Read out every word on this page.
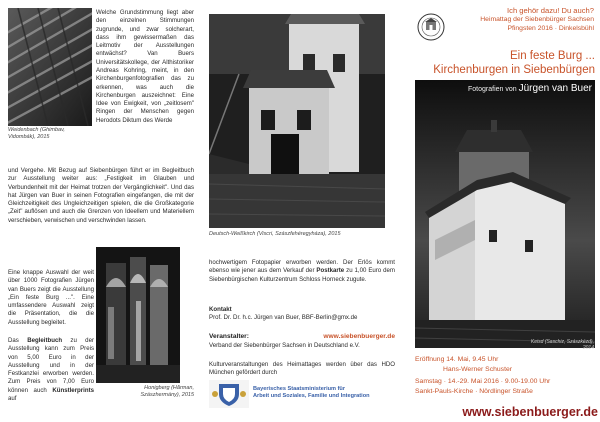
Weidenbach (Ghimbav, Vidombák), 2015
Welche Grundstimmung liegt aber den einzelnen Stimmungen zugrunde, und zwar solcherart, dass ihm gewissermaßen das Leitmotiv der Ausstellungen entwächst? Van Buers Universitätskollege, der Althistoriker Andreas Kohring, meint, in den Kirchenburgenfotografien das zu erkennen, was auch die Kirchenburgen auszeichnet: Eine Idee von Ewigkeit, von „zeitlosem" Ringen der Menschen gegen Herodots Diktum des Werde
und Vergehe. Mit Bezug auf Siebenbürgen führt er im Begleitbuch zur Ausstellung weiter aus: „Festigkeit im Glauben und Verbundenheit mit der Heimat trotzen der Vergänglichkeit". Und das hat Jürgen van Buer in seinen Fotografien eingefangen, die mit der Gleichzeitigkeit des Ungleichzeitigen spielen, die die Großkategorie „Zeit" auflösen und auch die Grenzen von Ideellem und Materiellem verschieben, verwischen und verschwinden lassen.
Eine knappe Auswahl der weit über 1000 Fotografien Jürgen van Buers zeigt die Ausstellung „Ein feste Burg ...". Eine umfassendere Auswahl zeigt die Präsentation, die die Ausstellung begleitet.
Das Begleitbuch zu der Ausstellung kann zum Preis von 5,00 Euro in der Ausstellung und in der Festkanzlei erworben werden. Zum Preis von 7,00 Euro können auch Künstlerprints auf
Honigberg (Hărman, Szászhermány), 2015
Deutsch-Weißkirch (Viscri, Szászfehéregyháza), 2015
hochwertigem Fotopapier erworben werden. Der Erlös kommt ebenso wie jener aus dem Verkauf der Postkarte zu 1,00 Euro dem Siebenbürgischen Kulturzentrum Schloss Horneck zugute.
Kontakt
Prof. Dr. Dr. h.c. Jürgen van Buer, BBF-Berlin@gmx.de
Veranstalter:	www.siebenbuerger.de
Verband der Siebenbürger Sachsen in Deutschland e.V.
Kulturveranstaltungen des Heimattages werden über das HDO München gefördert durch
Bayerisches Staatsministerium für
Arbeit und Soziales, Familie und Integration
Ich gehör dazu! Du auch?
Heimattag der Siebenbürger Sachsen
Pfingsten 2016 · Dinkelsbühl
Ein feste Burg ...
Kirchenburgen in Siebenbürgen
Fotografien von Jürgen van Buer
Keisd (Saschiz, Szászkézd), 2014
Eröffnung 14. Mai, 9.45 Uhr
Hans-Werner Schuster
Samstag · 14.-29. Mai 2016 · 9.00-19.00 Uhr
Sankt-Pauls-Kirche · Nördlinger Straße
www.siebenbuerger.de
